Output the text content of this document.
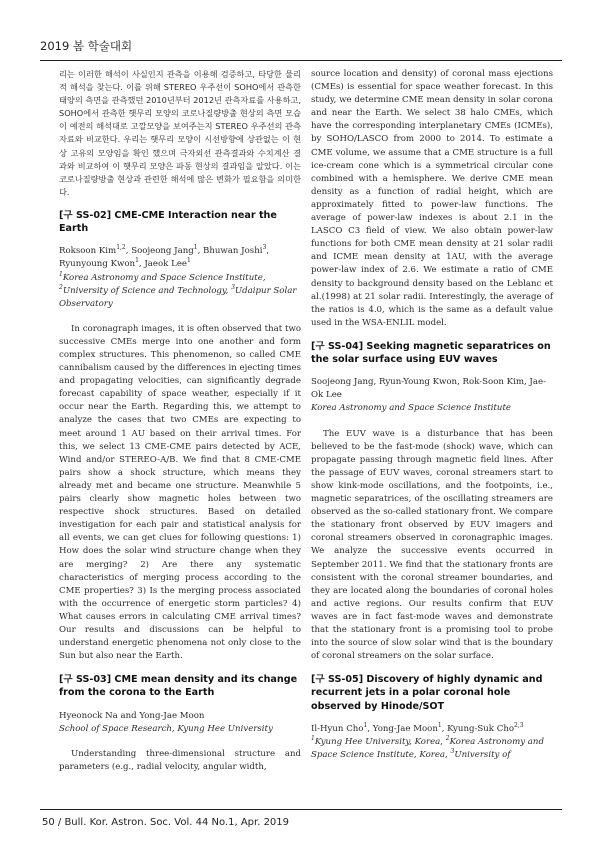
2019 봄 학술대회

리는 이러한 해석이 사실인지 관측을 이용해 검증하고, 타당한 물리적 해석을 찾는다. 이를 위해 STEREO 우주선이 SOHO에서 관측한 태양의 측면을 관측했던 2010년부터 2012년 관측자료를 사용하고, SOHO에서 관측한 햇무리 모양의 코로나질량방출 현상의 측면 모습이 예전의 해석대로 고깔모양을 보여주는지 STEREO 우주선의 관측자료와 비교한다. 우리는 햇무리 모양이 시선방향에 상관없는 이 현상 고유의 모양임을 확인 했으며 극자외선 관측결과와 수치계산 결과와 비교하여 이 햇무리 모양은 파동 현상의 결과임을 알았다. 이는 코로나질량방출 현상과 관련한 해석에 많은 변화가 필요함을 의미한다.

[구 SS-02] CME-CME Interaction near the Earth

Roksoon Kim$^{1,2}$, Soojeong Jang$^1$, Bhuwan Joshi$^3$,
Ryunyoung Kwon$^1$, Jaeok Lee$^1$

$^1$Korea Astronomy and Space Science Institute,
$^2$University of Science and Technology, $^3$Udaipur Solar Observatory

In coronagraph images, it is often observed that two successive CMEs merge into one another and form complex structures. This phenomenon, so called CME cannibalism caused by the differences in ejecting times and propagating velocities, can significantly degrade forecast capability of space weather, especially if it occur near the Earth. Regarding this, we attempt to analyze the cases that two CMEs are expecting to meet around 1 AU based on their arrival times. For this, we select 13 CME-CME pairs detected by ACE, Wind and/or STEREO-A/B. We find that 8 CME-CME pairs show a shock structure, which means they already met and became one structure. Meanwhile 5 pairs clearly show magnetic holes between two respective shock structures. Based on detailed investigation for each pair and statistical analysis for all events, we can get clues for following questions: 1) How does the solar wind structure change when they are merging? 2) Are there any systematic characteristics of merging process according to the CME properties? 3) Is the merging process associated with the occurrence of energetic storm particles? 4) What causes errors in calculating CME arrival times? Our results and discussions can be helpful to understand energetic phenomena not only close to the Sun but also near the Earth.

[구 SS-03] CME mean density and its change from the corona to the Earth

Hyeonock Na and Yong-Jae Moon

School of Space Research, Kyung Hee University

Understanding three-dimensional structure and parameters (e.g., radial velocity, angular width,

source location and density) of coronal mass ejections (CMEs) is essential for space weather forecast. In this study, we determine CME mean density in solar corona and near the Earth. We select 38 halo CMEs, which have the corresponding interplanetary CMEs (ICMEs), by SOHO/LASCO from 2000 to 2014. To estimate a CME volume, we assume that a CME structure is a full ice-cream cone which is a symmetrical circular cone combined with a hemisphere. We derive CME mean density as a function of radial height, which are approximately fitted to power-law functions. The average of power-law indexes is about 2.1 in the LASCO C3 field of view. We also obtain power-law functions for both CME mean density at 21 solar radii and ICME mean density at 1AU, with the average power-law index of 2.6. We estimate a ratio of CME density to background density based on the Leblanc et al.(1998) at 21 solar radii. Interestingly, the average of the ratios is 4.0, which is the same as a default value used in the WSA-ENLIL model.

[구 SS-04] Seeking magnetic separatrices on the solar surface using EUV waves

Soojeong Jang, Ryun-Young Kwon, Rok-Soon Kim, Jae-Ok Lee

Korea Astronomy and Space Science Institute

The EUV wave is a disturbance that has been believed to be the fast-mode (shock) wave, which can propagate passing through magnetic field lines. After the passage of EUV waves, coronal streamers start to show kink-mode oscillations, and the footpoints, i.e., magnetic separatrices, of the oscillating streamers are observed as the so-called stationary front. We compare the stationary front observed by EUV imagers and coronal streamers observed in coronagraphic images. We analyze the successive events occurred in September 2011. We find that the stationary fronts are consistent with the coronal streamer boundaries, and they are located along the boundaries of coronal holes and active regions. Our results confirm that EUV waves are in fact fast-mode waves and demonstrate that the stationary front is a promising tool to probe into the source of slow solar wind that is the boundary of coronal streamers on the solar surface.

[구 SS-05] Discovery of highly dynamic and recurrent jets in a polar coronal hole observed by Hinode/SOT

Il-Hyun Cho$^1$, Yong-Jae Moon$^1$, Kyung-Suk Cho$^{2,3}$

$^1$Kyung Hee University, Korea, $^2$Korea Astronomy and Space Science Institute, Korea, $^3$University of

50 / Bull. Kor. Astron. Soc. Vol. 44 No.1, Apr. 2019
